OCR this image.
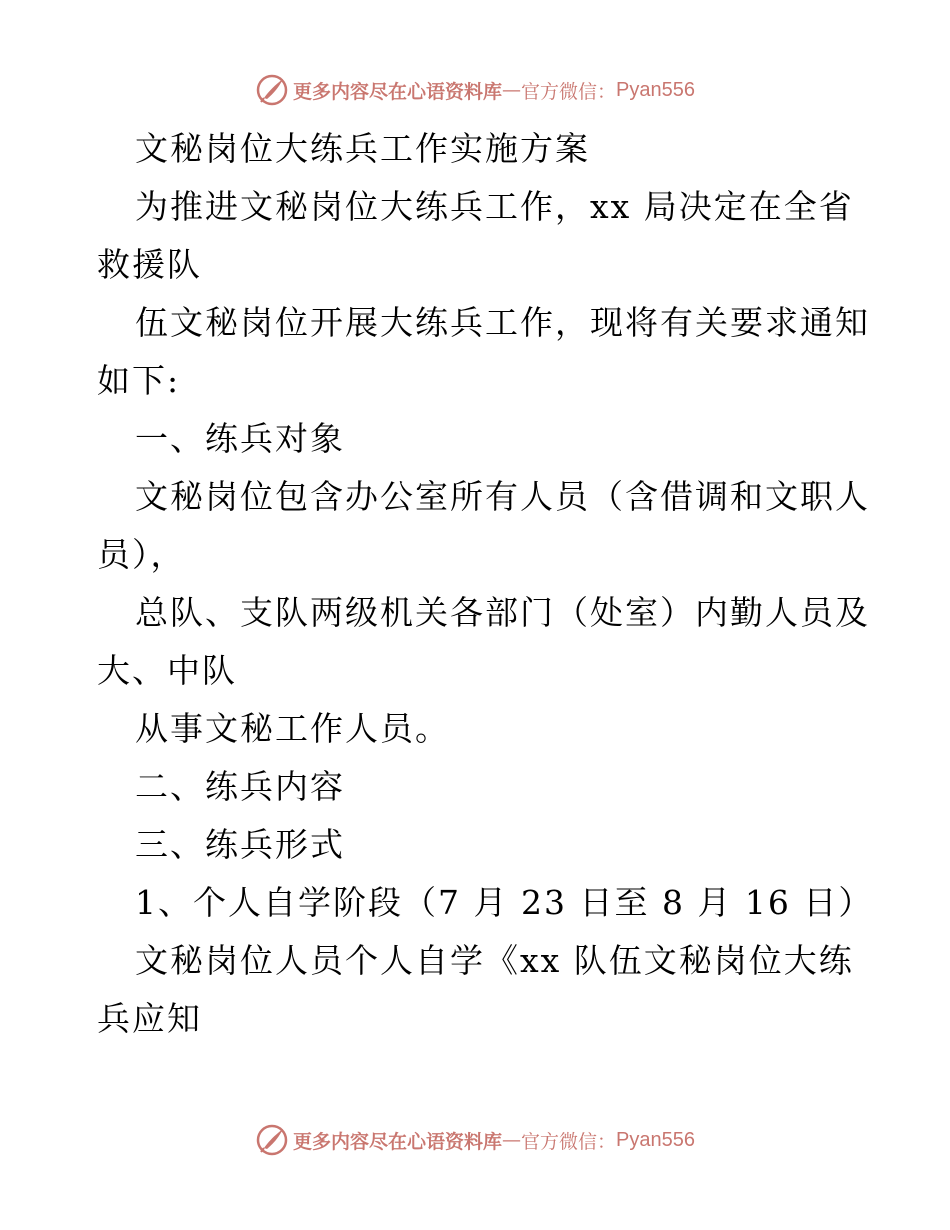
更多内容尽在心语资料库 — 官方微信： Pyan556
文秘岗位大练兵工作实施方案
为推进文秘岗位大练兵工作，xx 局决定在全省
救援队
伍文秘岗位开展大练兵工作，现将有关要求通知
如下:
一、练兵对象
文秘岗位包含办公室所有人员（含借调和文职人
员），
总队、支队两级机关各部门（处室）内勤人员及
大、中队
从事文秘工作人员。
二、练兵内容
三、练兵形式
1、个人自学阶段（7 月 23 日至 8 月 16 日）
文秘岗位人员个人自学《xx 队伍文秘岗位大练
兵应知
更多内容尽在心语资料库 — 官方微信： Pyan556
